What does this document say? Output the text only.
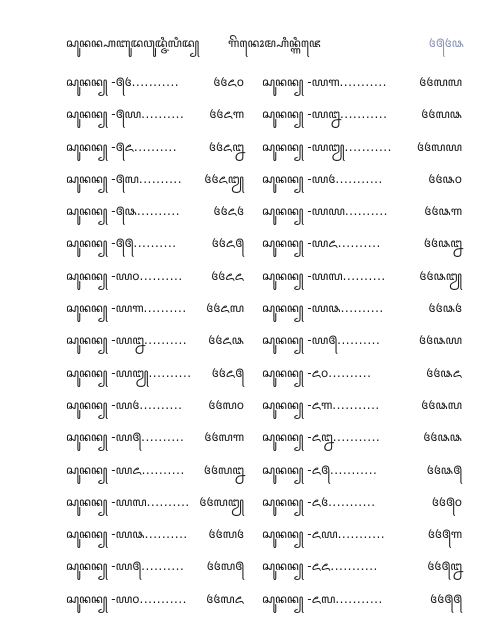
ꦱꦸꦤꦤ꧀ꦲꦧꦸꦢꦮꦸꦢ꧀ꦗꦶꦭꦶꦢ꧀ ꦒꦼꦤꦺꦴꦩ꧀ꦲꦶꦤ꧀ꦒꦶꦗꦺ	꧔꧕꧔꧘
ꦱꦸꦤꦤ꧀ -꧕꧔ ...........	꧔꧔꧖꧐
ꦱꦸꦤꦤ꧀ -꧕꧙ ..........	꧔꧔꧖꧑
ꦱꦸꦤꦤ꧀ -꧕꧖ ..........	꧔꧔꧖꧒
ꦱꦸꦤꦤ꧀ -꧕꧗ ..........	꧔꧔꧖꧓
ꦱꦸꦤꦤ꧀ -꧕꧘ ..........	꧔꧔꧖꧔
ꦱꦸꦤꦤ꧀ -꧕꧕ ..........	꧔꧔꧖꧕
ꦱꦸꦤꦤ꧀ -꧙꧐ ..........	꧔꧔꧖꧖
ꦱꦸꦤꦤ꧀ -꧙꧑ ..........	꧔꧔꧖꧗
ꦱꦸꦤꦤ꧀ -꧙꧒ ..........	꧔꧔꧖꧘
ꦱꦸꦤꦤ꧀ -꧙꧓ ..........	꧔꧔꧖꧕
ꦱꦸꦤꦤ꧀ -꧙꧔ ..........	꧔꧔꧗꧐
ꦱꦸꦤꦤ꧀ -꧙꧕ ..........	꧔꧔꧗꧑
ꦱꦸꦤꦤ꧀ -꧙꧖ ..........	꧔꧔꧗꧒
ꦱꦸꦤꦤ꧀ -꧙꧗ .......... ꧔꧔꧗꧓
ꦱꦸꦤꦤ꧀ -꧙꧘ ..........	꧔꧔꧗꧔
ꦱꦸꦤꦤ꧀ -꧙꧕ ..........	꧔꧔꧗꧕
ꦱꦸꦤꦤ꧀ -꧙꧐ ...........	꧔꧔꧗꧖
ꦱꦸꦤꦤ꧀ -꧙꧑ ...........	꧔꧔꧗꧗
ꦱꦸꦤꦤ꧀ -꧙꧒ ...........	꧔꧔꧗꧘
ꦱꦸꦤꦤ꧀ -꧙꧓ ...........	꧔꧔꧗꧙
ꦱꦸꦤꦤ꧀ -꧙꧔ ...........	꧔꧔꧘꧐
ꦱꦸꦤꦤ꧀ -꧙꧙ ..........	꧔꧔꧘꧑
ꦱꦸꦤꦤ꧀ -꧙꧖ ..........	꧔꧔꧘꧒
ꦱꦸꦤꦤ꧀ -꧙꧗ ..........	꧔꧔꧘꧓
ꦱꦸꦤꦤ꧀ -꧙꧘ ..........	꧔꧔꧘꧔
ꦱꦸꦤꦤ꧀ -꧙꧕ ..........	꧔꧔꧘꧙
ꦱꦸꦤꦤ꧀ -꧖꧐ ..........	꧔꧔꧘꧖
ꦱꦸꦤꦤ꧀ -꧖꧑ ...........	꧔꧔꧘꧗
ꦱꦸꦤꦤ꧀ -꧖꧒ ...........	꧔꧔꧘꧘
ꦱꦸꦤꦤ꧀ -꧖꧕ ...........	꧔꧔꧘꧕
ꦱꦸꦤꦤ꧀ -꧖꧔ ...........	꧔꧔꧕꧐
ꦱꦸꦤꦤ꧀ -꧖꧙ ...........	꧔꧔꧕꧑
ꦱꦸꦤꦤ꧀ -꧖꧖ ...........	꧔꧔꧕꧒
ꦱꦸꦤꦤ꧀ -꧖꧗ ...........	꧔꧔꧕꧕
